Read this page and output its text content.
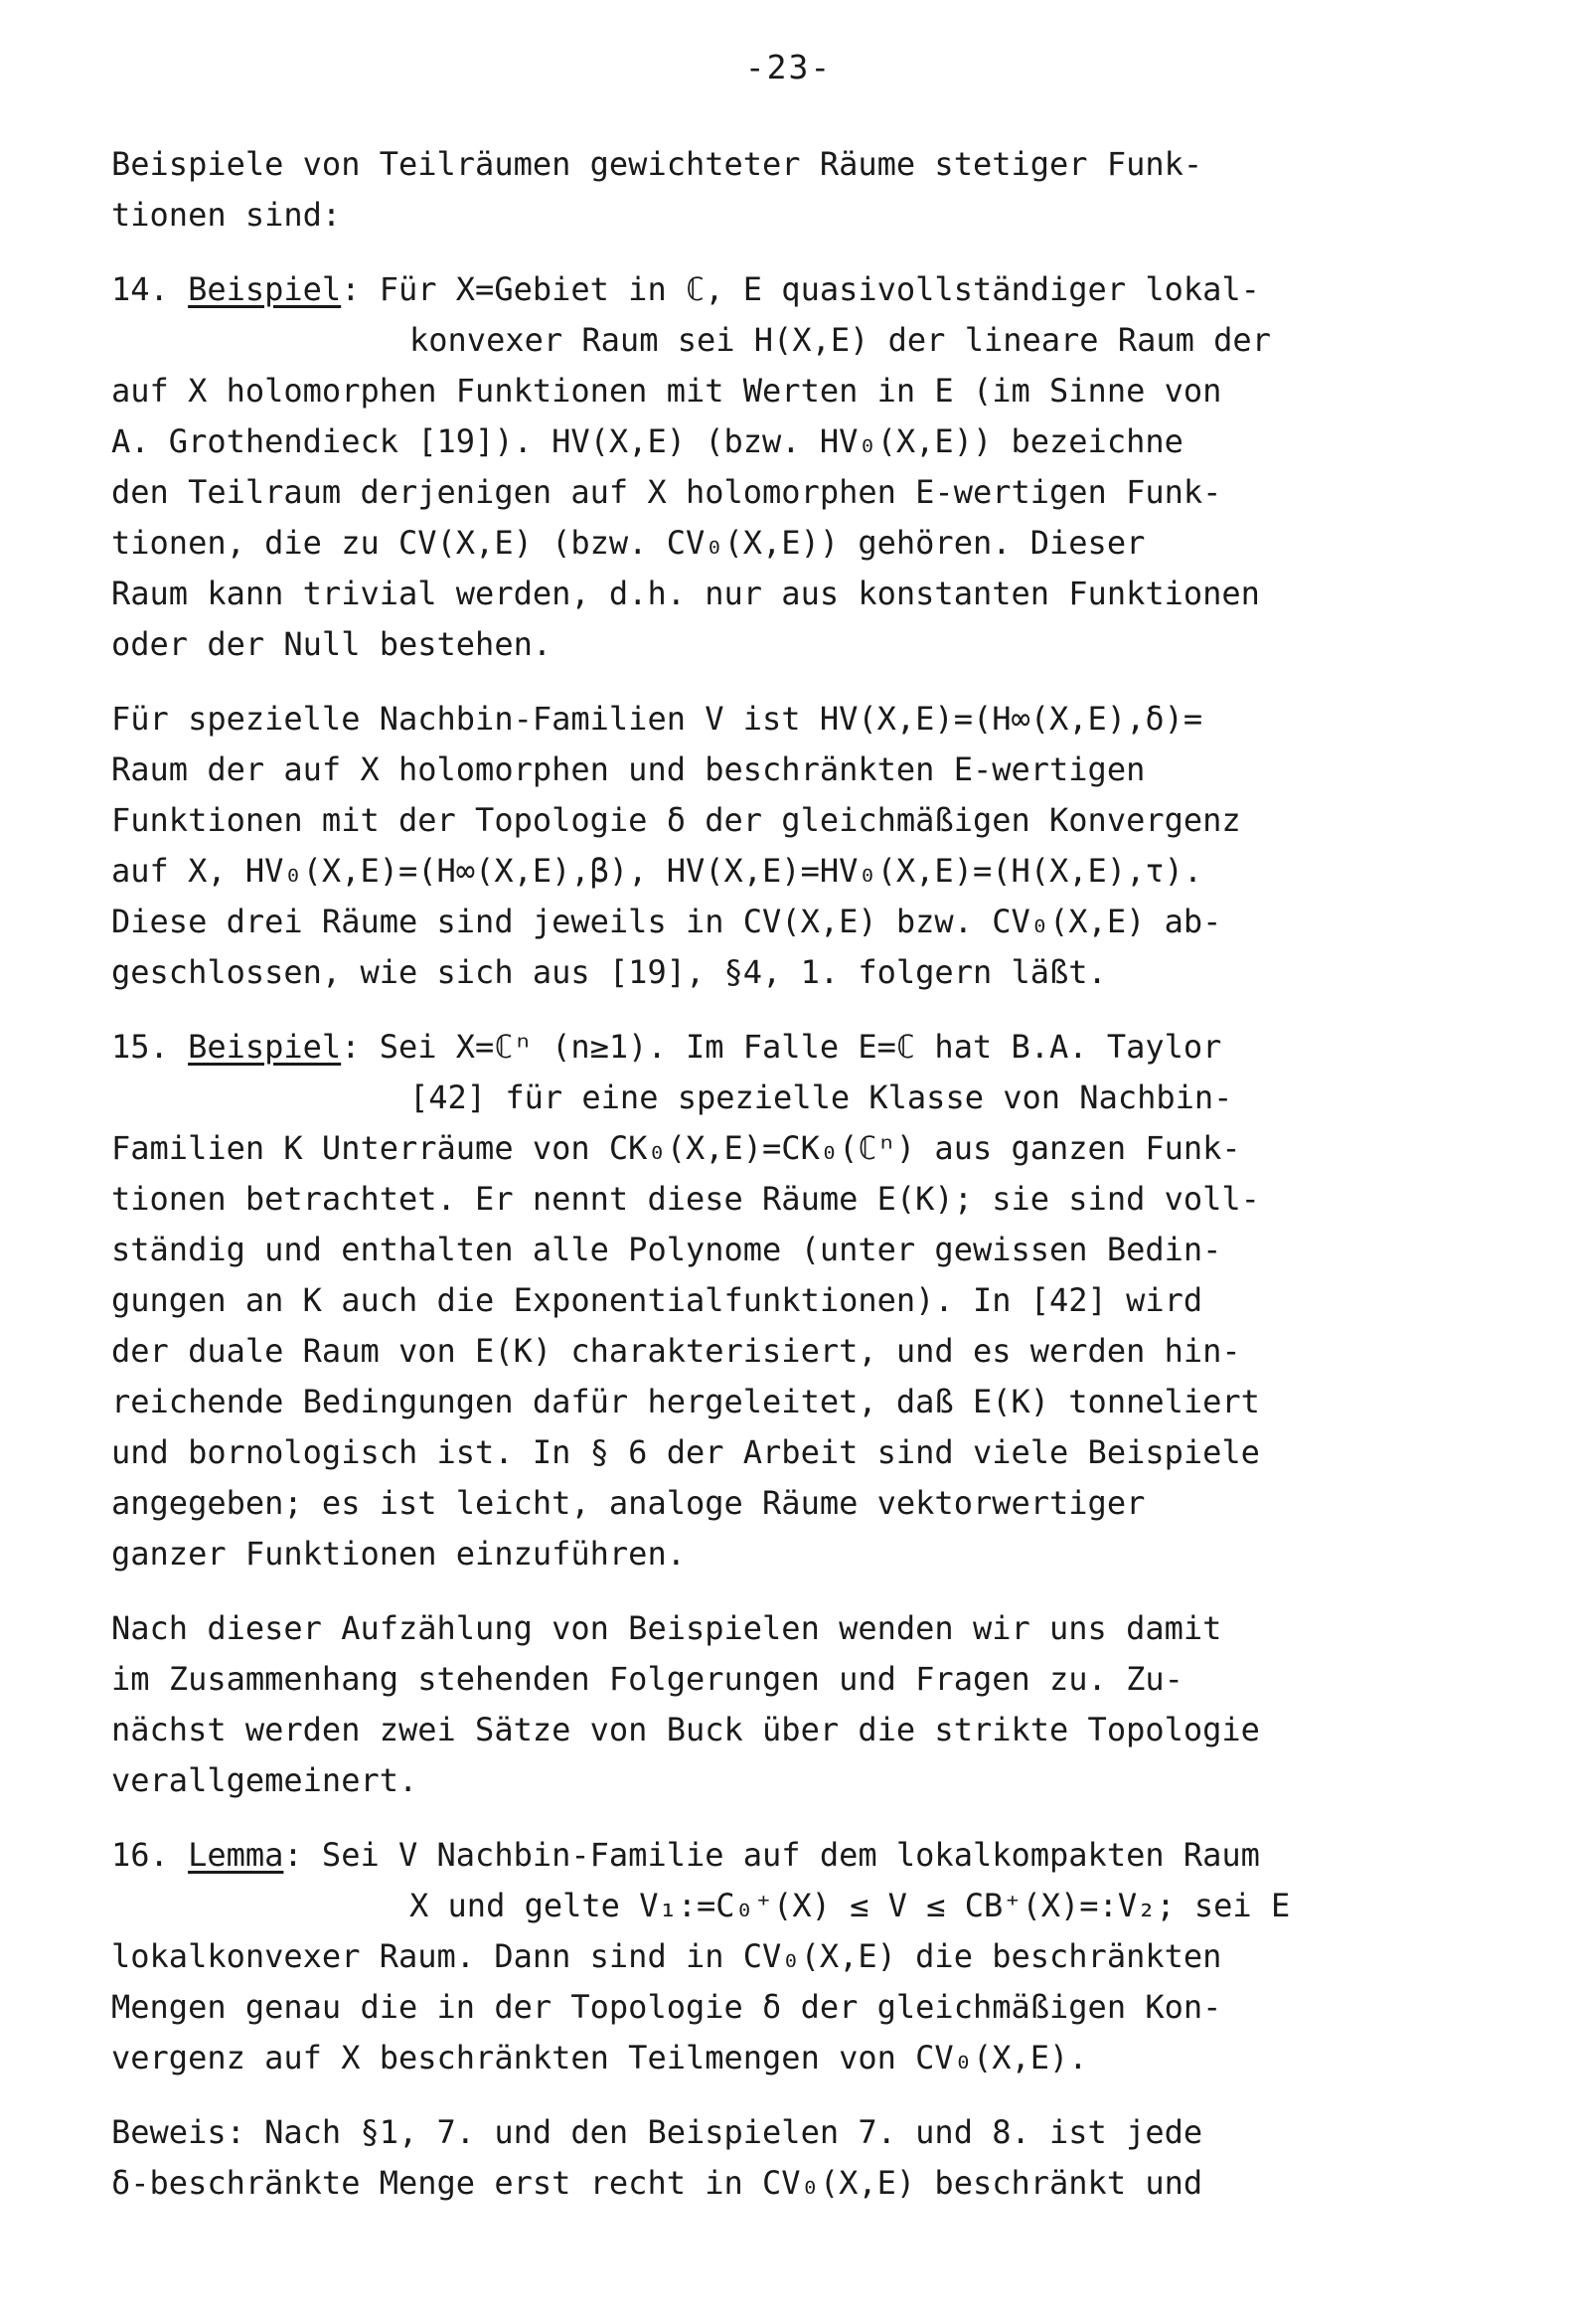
-23-

Beispiele von Teilräumen gewichteter Räume stetiger Funk-
tionen sind:

14. Beispiel: Für X=Gebiet in ℂ, E quasivollständiger lokal-
konvexer Raum sei H(X,E) der lineare Raum der
auf X holomorphen Funktionen mit Werten in E (im Sinne von
A. Grothendieck [19]). HV(X,E) (bzw. HV₀(X,E)) bezeichne
den Teilraum derjenigen auf X holomorphen E-wertigen Funk-
tionen, die zu CV(X,E) (bzw. CV₀(X,E)) gehören. Dieser
Raum kann trivial werden, d.h. nur aus konstanten Funktionen
oder der Null bestehen.

Für spezielle Nachbin-Familien V ist HV(X,E)=(H∞(X,E),δ)=
Raum der auf X holomorphen und beschränkten E-wertigen
Funktionen mit der Topologie δ der gleichmäßigen Konvergenz
auf X, HV₀(X,E)=(H∞(X,E),β), HV(X,E)=HV₀(X,E)=(H(X,E),τ).
Diese drei Räume sind jeweils in CV(X,E) bzw. CV₀(X,E) ab-
geschlossen, wie sich aus [19], §4, 1. folgern läßt.

15. Beispiel: Sei X=ℂⁿ (n≥1). Im Falle E=ℂ hat B.A. Taylor
[42] für eine spezielle Klasse von Nachbin-
Familien K Unterräume von CK₀(X,E)=CK₀(ℂⁿ) aus ganzen Funk-
tionen betrachtet. Er nennt diese Räume E(K); sie sind voll-
ständig und enthalten alle Polynome (unter gewissen Bedin-
gungen an K auch die Exponentialfunktionen). In [42] wird
der duale Raum von E(K) charakterisiert, und es werden hin-
reichende Bedingungen dafür hergeleitet, daß E(K) tonneliert
und bornologisch ist. In § 6 der Arbeit sind viele Beispiele
angegeben; es ist leicht, analoge Räume vektorwertiger
ganzer Funktionen einzuführen.

Nach dieser Aufzählung von Beispielen wenden wir uns damit
im Zusammenhang stehenden Folgerungen und Fragen zu. Zu-
nächst werden zwei Sätze von Buck über die strikte Topologie
verallgemeinert.

16. Lemma: Sei V Nachbin-Familie auf dem lokalkompakten Raum
X und gelte V₁:=C₀⁺(X) ≤ V ≤ CB⁺(X)=:V₂; sei E
lokalkonvexer Raum. Dann sind in CV₀(X,E) die beschränkten
Mengen genau die in der Topologie δ der gleichmäßigen Kon-
vergenz auf X beschränkten Teilmengen von CV₀(X,E).

Beweis: Nach §1, 7. und den Beispielen 7. und 8. ist jede
δ-beschränkte Menge erst recht in CV₀(X,E) beschränkt und
